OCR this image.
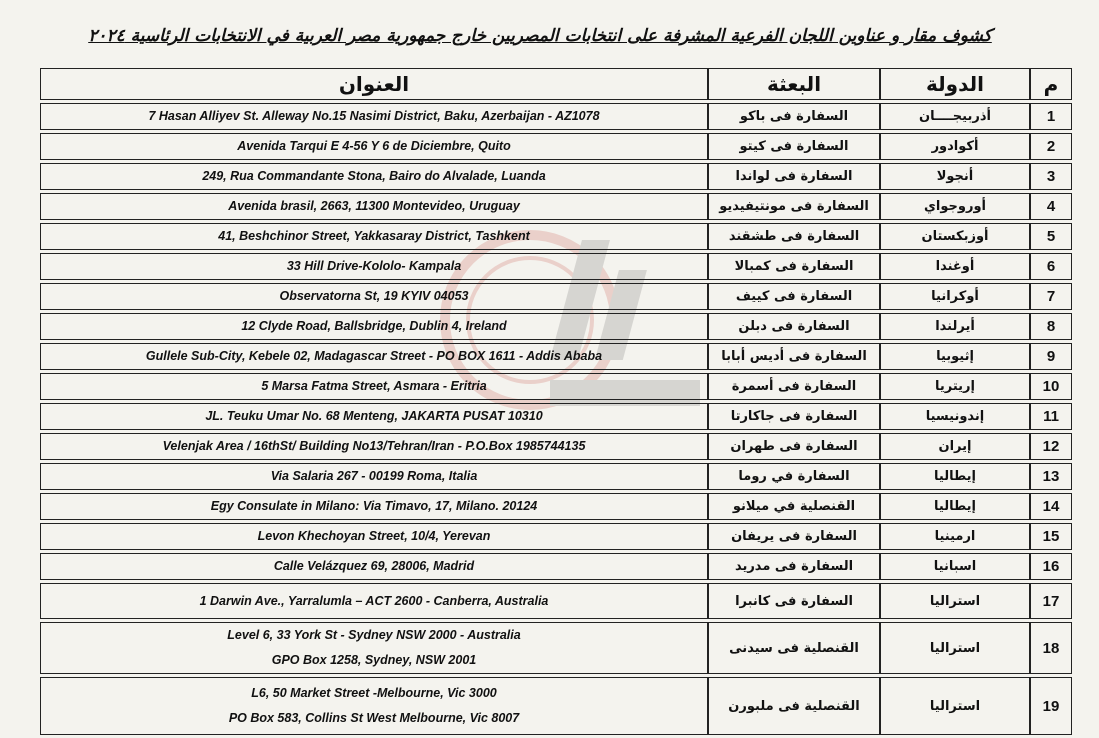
كشوف مقار و عناوين اللجان الفرعية المشرفة على انتخابات المصريين خارج جمهورية مصر العربية في الانتخابات الرئاسية ٢٠٢٤
م	الدولة	البعثة	العنوان
1	أذربيجــــان	السفارة فى باكو	7 Hasan Alliyev St. Alleway No.15 Nasimi District, Baku, Azerbaijan - AZ1078

2	أكوادور	السفارة فى كيتو	Avenida Tarqui E 4-56 Y 6 de Diciembre, Quito

3	أنجولا	السفارة فى لواندا	249, Rua Commandante Stona, Bairo do Alvalade, Luanda

4	أوروجواي	السفارة فى مونتيفيديو	Avenida brasil, 2663, 11300 Montevideo, Uruguay

5	أوزبكستان	السفارة فى طشقند	41, Beshchinor Street, Yakkasaray District, Tashkent

6	أوغندا	السفارة فى كمبالا	33 Hill Drive-Kololo- Kampala

7	أوكرانيا	السفارة فى كييف	Observatorna St, 19 KYIV 04053

8	أيرلندا	السفارة فى دبلن	12 Clyde Road, Ballsbridge, Dublin 4, Ireland

9	إثيوبيا	السفارة فى أديس أبابا	Gullele Sub-City, Kebele 02, Madagascar Street - PO BOX 1611 - Addis Ababa

10	إريتريا	السفارة فى أسمرة	5 Marsa Fatma Street, Asmara - Eritria

11	إندونيسيا	السفارة فى جاكارتا	JL. Teuku Umar No. 68 Menteng, JAKARTA PUSAT 10310

12	إيران	السفارة فى طهران	Velenjak Area / 16thSt/ Building No13/Tehran/Iran - P.O.Box 1985744135

13	إيطاليا	السفارة في روما	Via Salaria 267 - 00199 Roma, Italia

14	إيطاليا	القنصلية في ميلانو	Egy Consulate in Milano: Via Timavo, 17, Milano. 20124

15	ارمينيا	السفارة فى يريفان	Levon Khechoyan Street, 10/4, Yerevan

16	اسبانيا	السفارة فى مدريد	Calle Velázquez 69, 28006, Madrid

17	استراليا	السفارة فى كانبرا	1 Darwin Ave., Yarralumla – ACT 2600 - Canberra, Australia

18	استراليا	القنصلية فى سيدنى	Level 6, 33 York St - Sydney NSW 2000 - Australia
GPO Box 1258, Sydney, NSW 2001

19	استراليا	القنصلية فى ملبورن	L6, 50 Market Street -Melbourne, Vic 3000
PO Box 583, Collins St West Melbourne, Vic 8007
